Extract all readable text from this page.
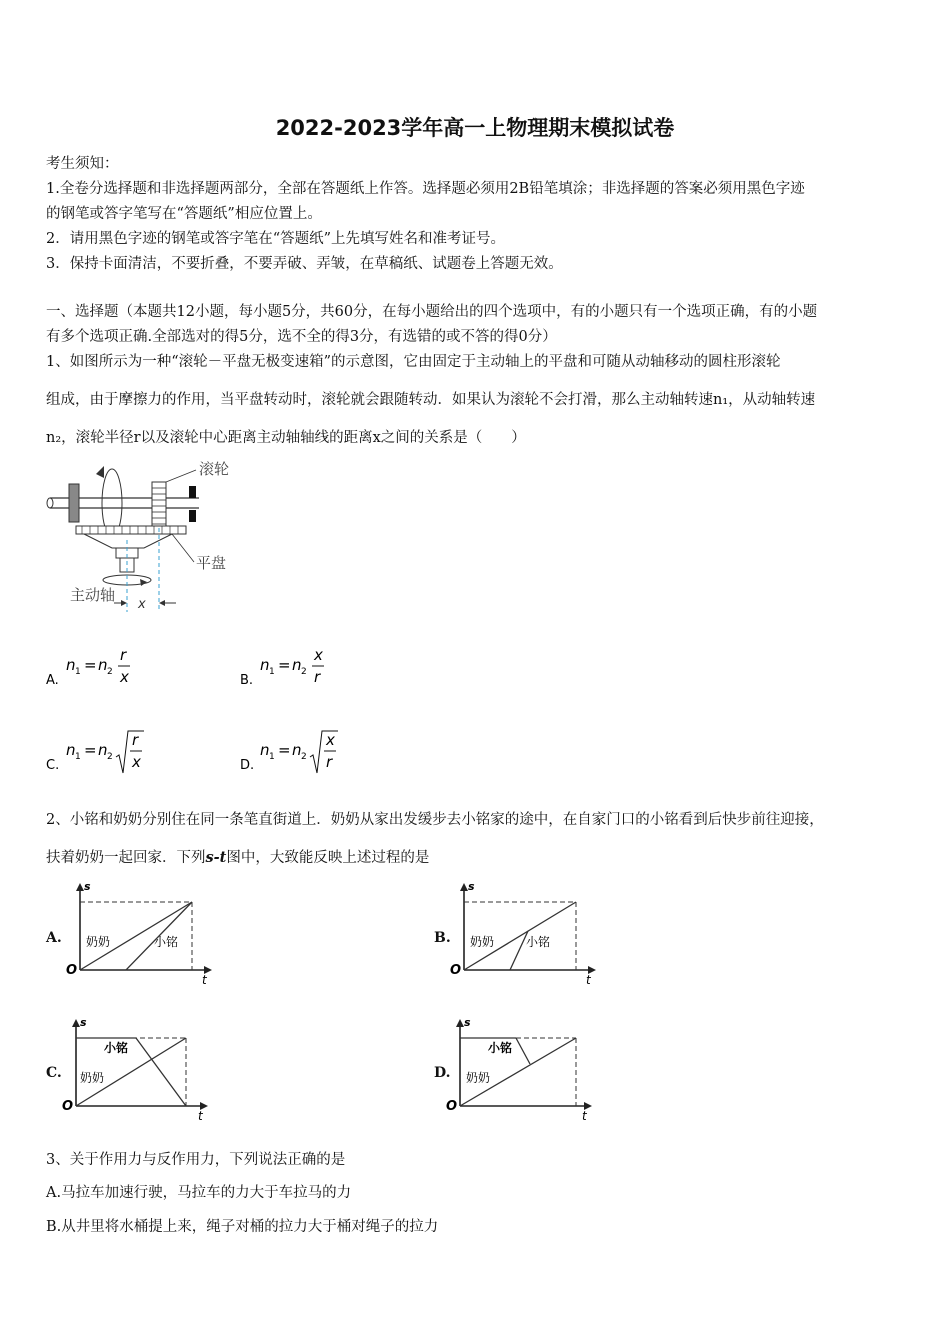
2022-2023学年高一上物理期末模拟试卷
考生须知：
1.全卷分选择题和非选择题两部分，全部在答题纸上作答。选择题必须用2B铅笔填涂；非选择题的答案必须用黑色字迹
的钢笔或答字笔写在“答题纸”相应位置上。
2．请用黑色字迹的钢笔或答字笔在“答题纸”上先填写姓名和准考证号。
3．保持卡面清洁，不要折叠，不要弄破、弄皱，在草稿纸、试题卷上答题无效。
一、选择题（本题共12小题，每小题5分，共60分，在每小题给出的四个选项中，有的小题只有一个选项正确，有的小题
有多个选项正确.全部选对的得5分，选不全的得3分，有选错的或不答的得0分）
1、如图所示为一种“滚轮－平盘无极变速箱”的示意图，它由固定于主动轴上的平盘和可随从动轴移动的圆柱形滚轮
组成，由于摩擦力的作用，当平盘转动时，滚轮就会跟随转动．如果认为滚轮不会打滑，那么主动轴转速n₁，从动轴转速
n₂，滚轮半径r以及滚轮中心距离主动轴轴线的距离x之间的关系是（　　）
滚轮
平盘
主动轴
x
A.
n 1 = n 2
r
x	B.
n 1 = n 2
x
r
C.
n 1 = n 2
r
x	D.
n 1 = n 2
x
r
2、小铭和奶奶分别住在同一条笔直街道上．奶奶从家出发缓步去小铭家的途中，在自家门口的小铭看到后快步前往迎接，
扶着奶奶一起回家．下列s-t图中，大致能反映上述过程的是
A.
s
t
O
奶奶	小铭	B.
s
t
O
奶奶	小铭
C.
s
t
O
奶奶
小铭
D.
s
t
O
奶奶
小铭
3、关于作用力与反作用力，下列说法正确的是
A.马拉车加速行驶，马拉车的力大于车拉马的力
B.从井里将水桶提上来，绳子对桶的拉力大于桶对绳子的拉力
